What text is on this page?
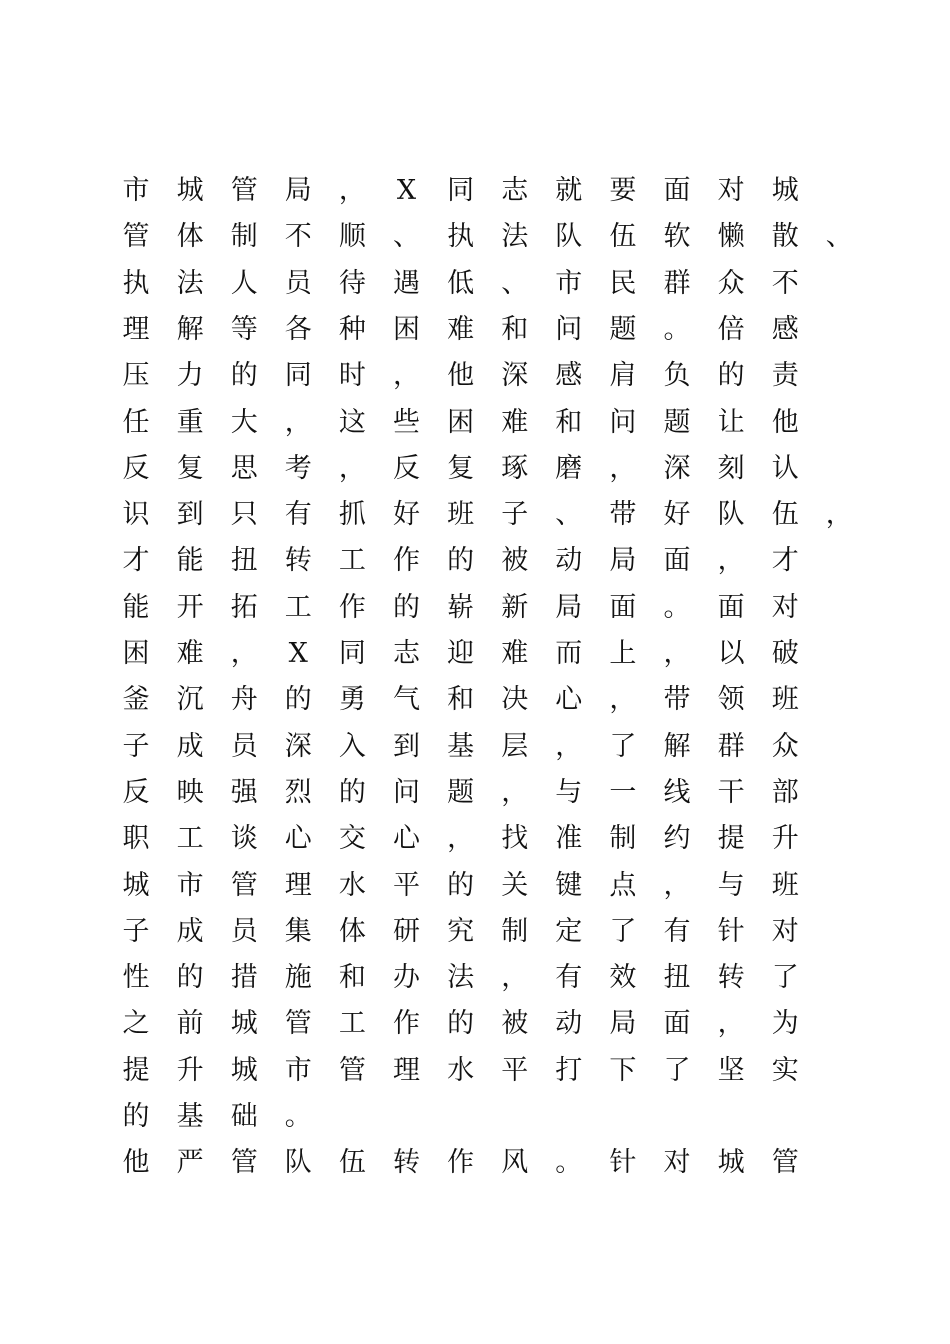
市 城 管 局 ，	X	同 志 就 要 面 对 城
管 体 制 不 顺 、 执 法 队 伍 软 懒 散 、
执 法 人 员 待 遇 低 、 市 民 群 众 不
理 解 等 各 种 困 难 和 问 题 。 倍 感
压 力 的 同 时 ， 他 深 感 肩 负 的 责
任 重 大 ， 这 些 困 难 和 问 题 让 他
反 复 思 考 ， 反 复 琢 磨 ， 深 刻 认
识 到 只 有 抓 好 班 子 、 带 好 队 伍 ，
才 能 扭 转 工 作 的 被 动 局 面 ， 才
能 开 拓 工 作 的 崭 新 局 面 。 面 对
困 难 ，	X	同 志 迎 难 而 上 ， 以 破
釜 沉 舟 的 勇 气 和 决 心 ， 带 领 班
子 成 员 深 入 到 基 层 ， 了 解 群 众
反 映 强 烈 的 问 题 ， 与 一 线 干 部
职 工 谈 心 交 心 ， 找 准 制 约 提 升
城 市 管 理 水 平 的 关 键 点 ， 与 班
子 成 员 集 体 研 究 制 定 了 有 针 对
性 的 措 施 和 办 法 ， 有 效 扭 转 了
之 前 城 管 工 作 的 被 动 局 面 ， 为
提 升 城 市 管 理 水 平 打 下 了 坚 实
的 基 础 。
他 严 管 队 伍 转 作 风 。 针 对 城 管
